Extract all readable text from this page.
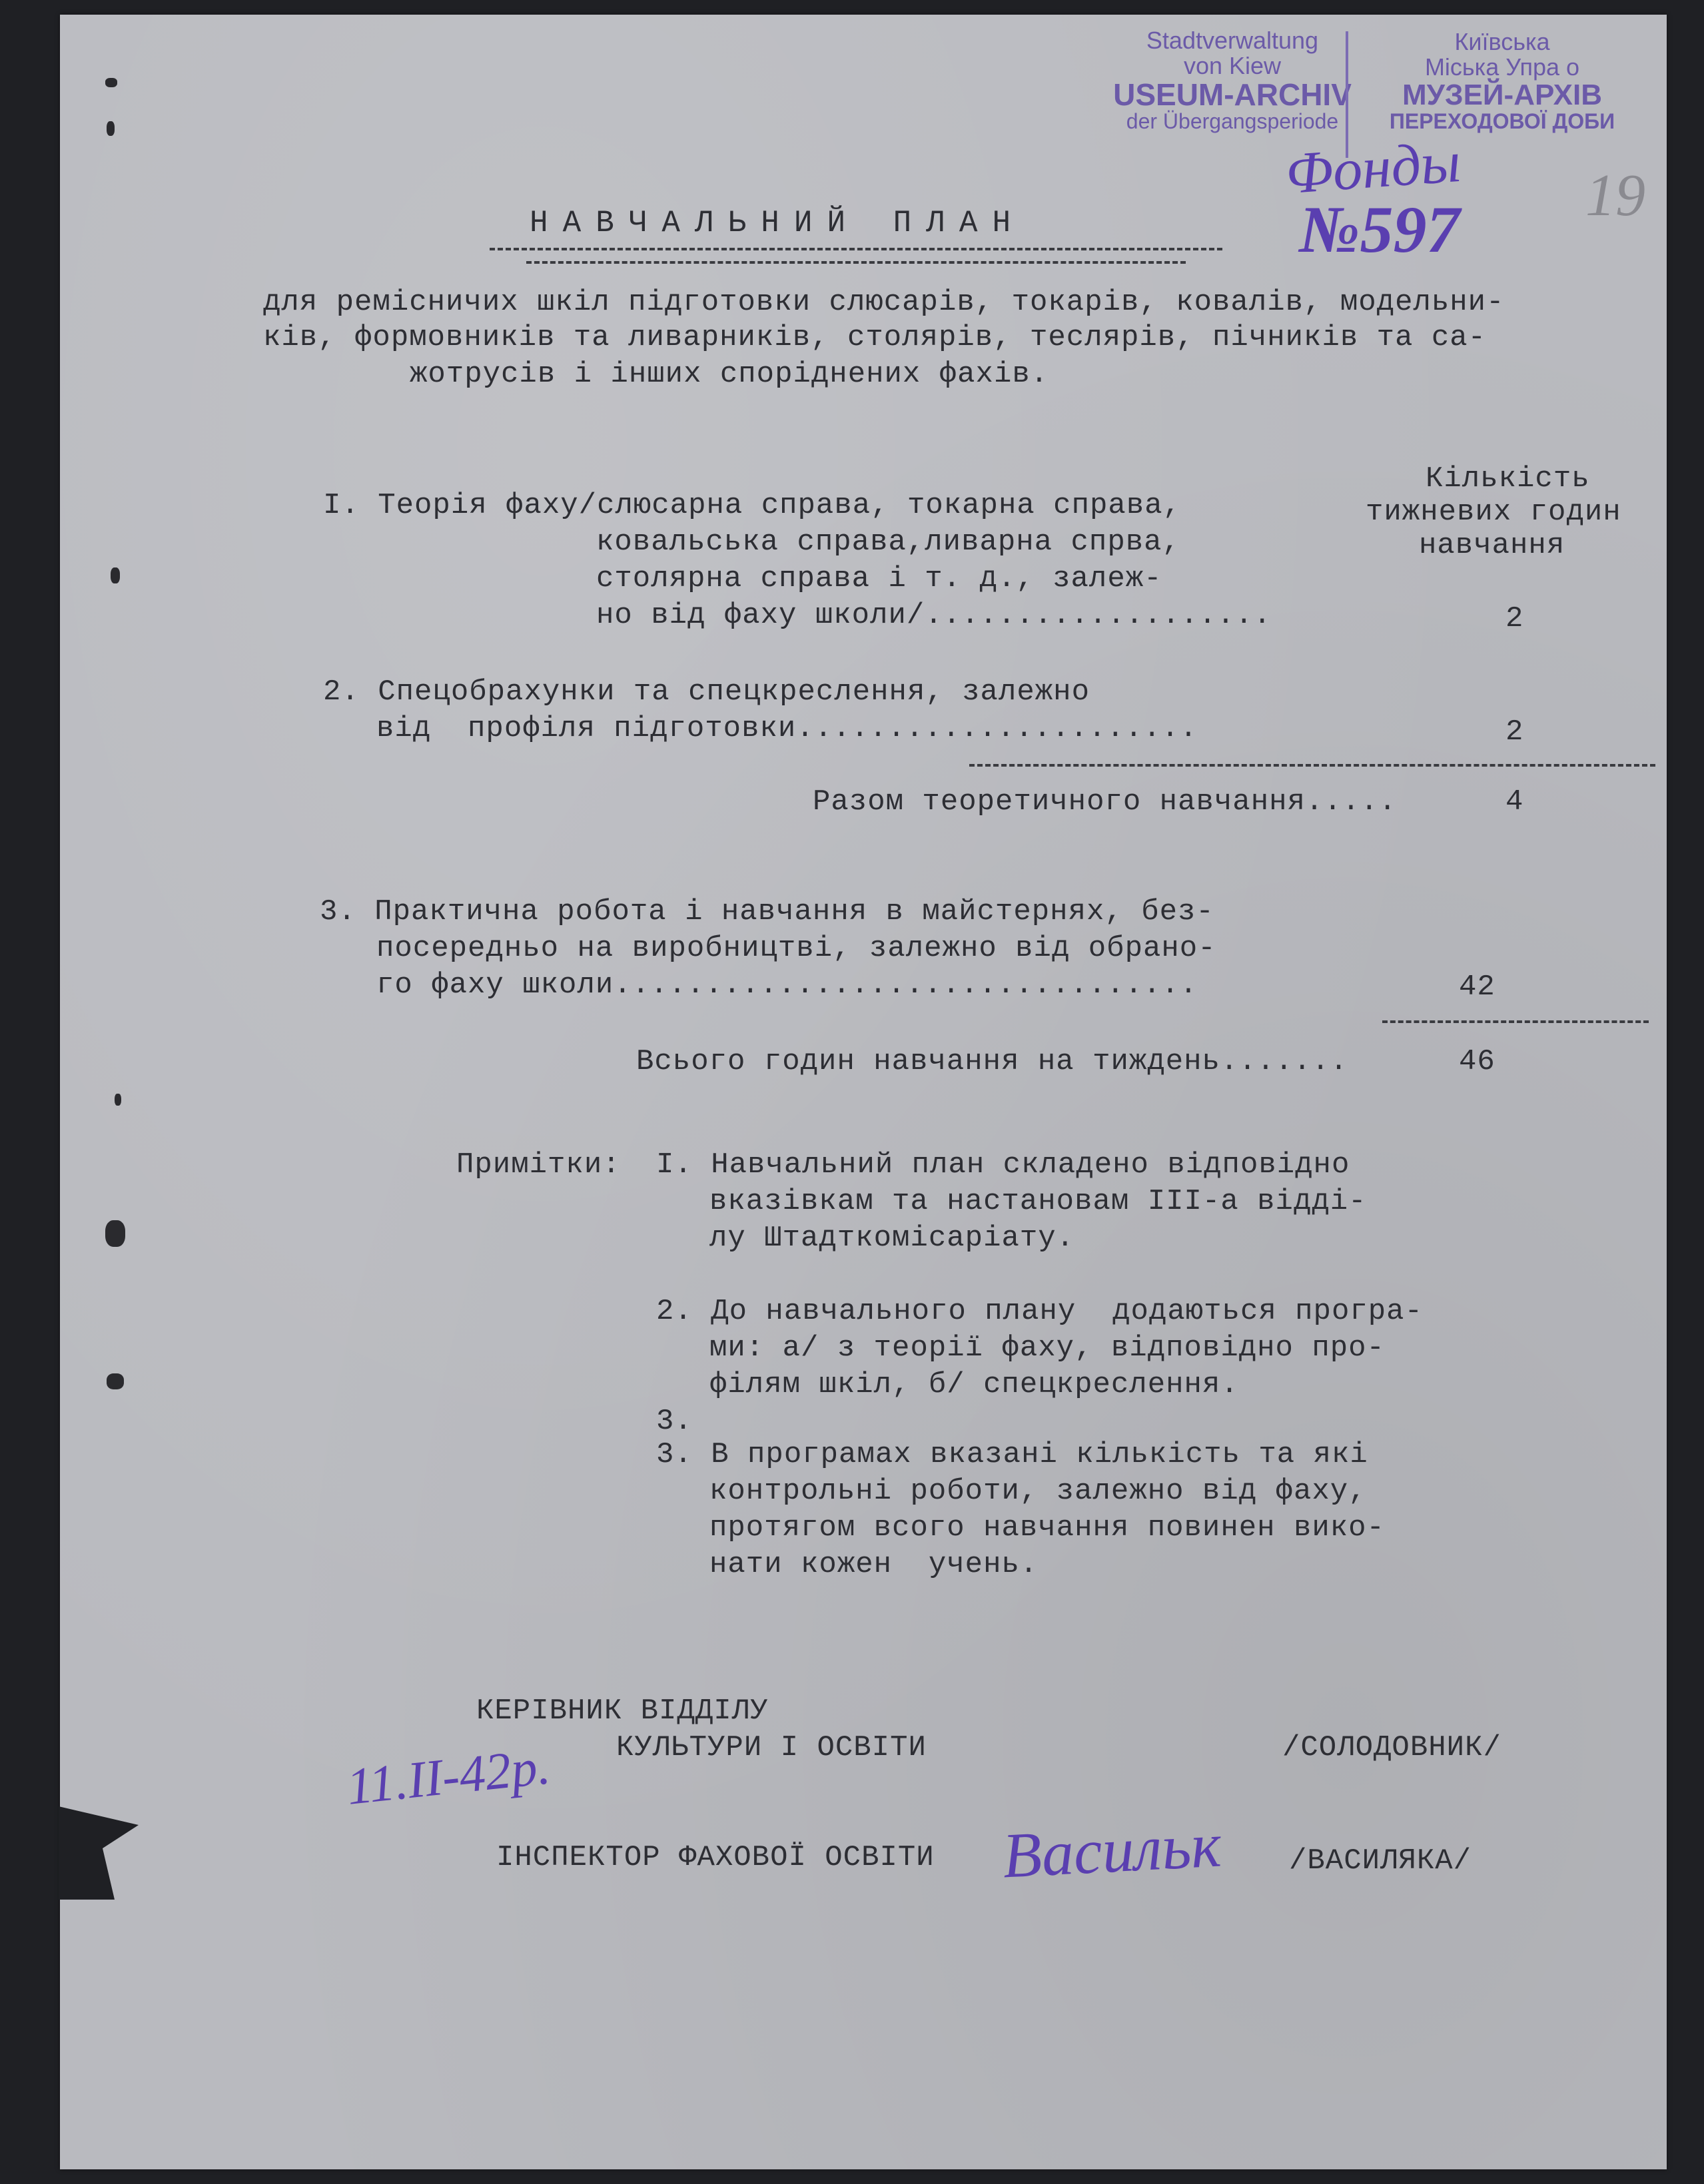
Stadtverwaltung
von Kiew
USEUM-ARCHIV
der Übergangsperiode
Київська
Міська Упра о
МУЗЕЙ-АРХІВ
ПЕРЕХОДОВОЇ ДОБИ
Фонды
№597 19
НАВЧАЛЬНИЙ ПЛАН
для ремісничих шкіл підготовки слюсарів, токарів, ковалів, модельни-
ків, формовників та ливарників, столярів, теслярів, пічників та са-
жотрусів і інших споріднених фахів.
Кількість
тижневих годин
навчання
I. Теорія фаху/слюсарна справа, токарна справа,
ковальська справа,ливарна спрва,
столярна справа і т. д., залеж-
но від фаху школи/...................	2
2. Спецобрахунки та спецкреслення, залежно
від  профіля підготовки......................	2
Разом теоретичного навчання.....	4
3. Практична робота і навчання в майстернях, без-
посередньо на виробництві, залежно від обрано-
го фаху школи................................	42
Всього годин навчання на тиждень.......	46
Примітки: I. Навчальний план складено відповідно
вказівкам та настановам III-а відді-
лу Штадткомісаріату.
2. До навчального плану  додаються програ-
ми: а/ з теорії фаху, відповідно про-
філям шкіл, б/ спецкреслення.
3.
3. В програмах вказані кількість та які
контрольні роботи, залежно від фаху,
протягом всого навчання повинен вико-
нати кожен  учень.
КЕРІВНИК ВІДДІЛУ
КУЛЬТУРИ І ОСВІТИ	/СОЛОДОВНИК/
11.II-42р.
ІНСПЕКТОР ФАХОВОЇ ОСВІТИ Васильк /ВАСИЛЯКА/
